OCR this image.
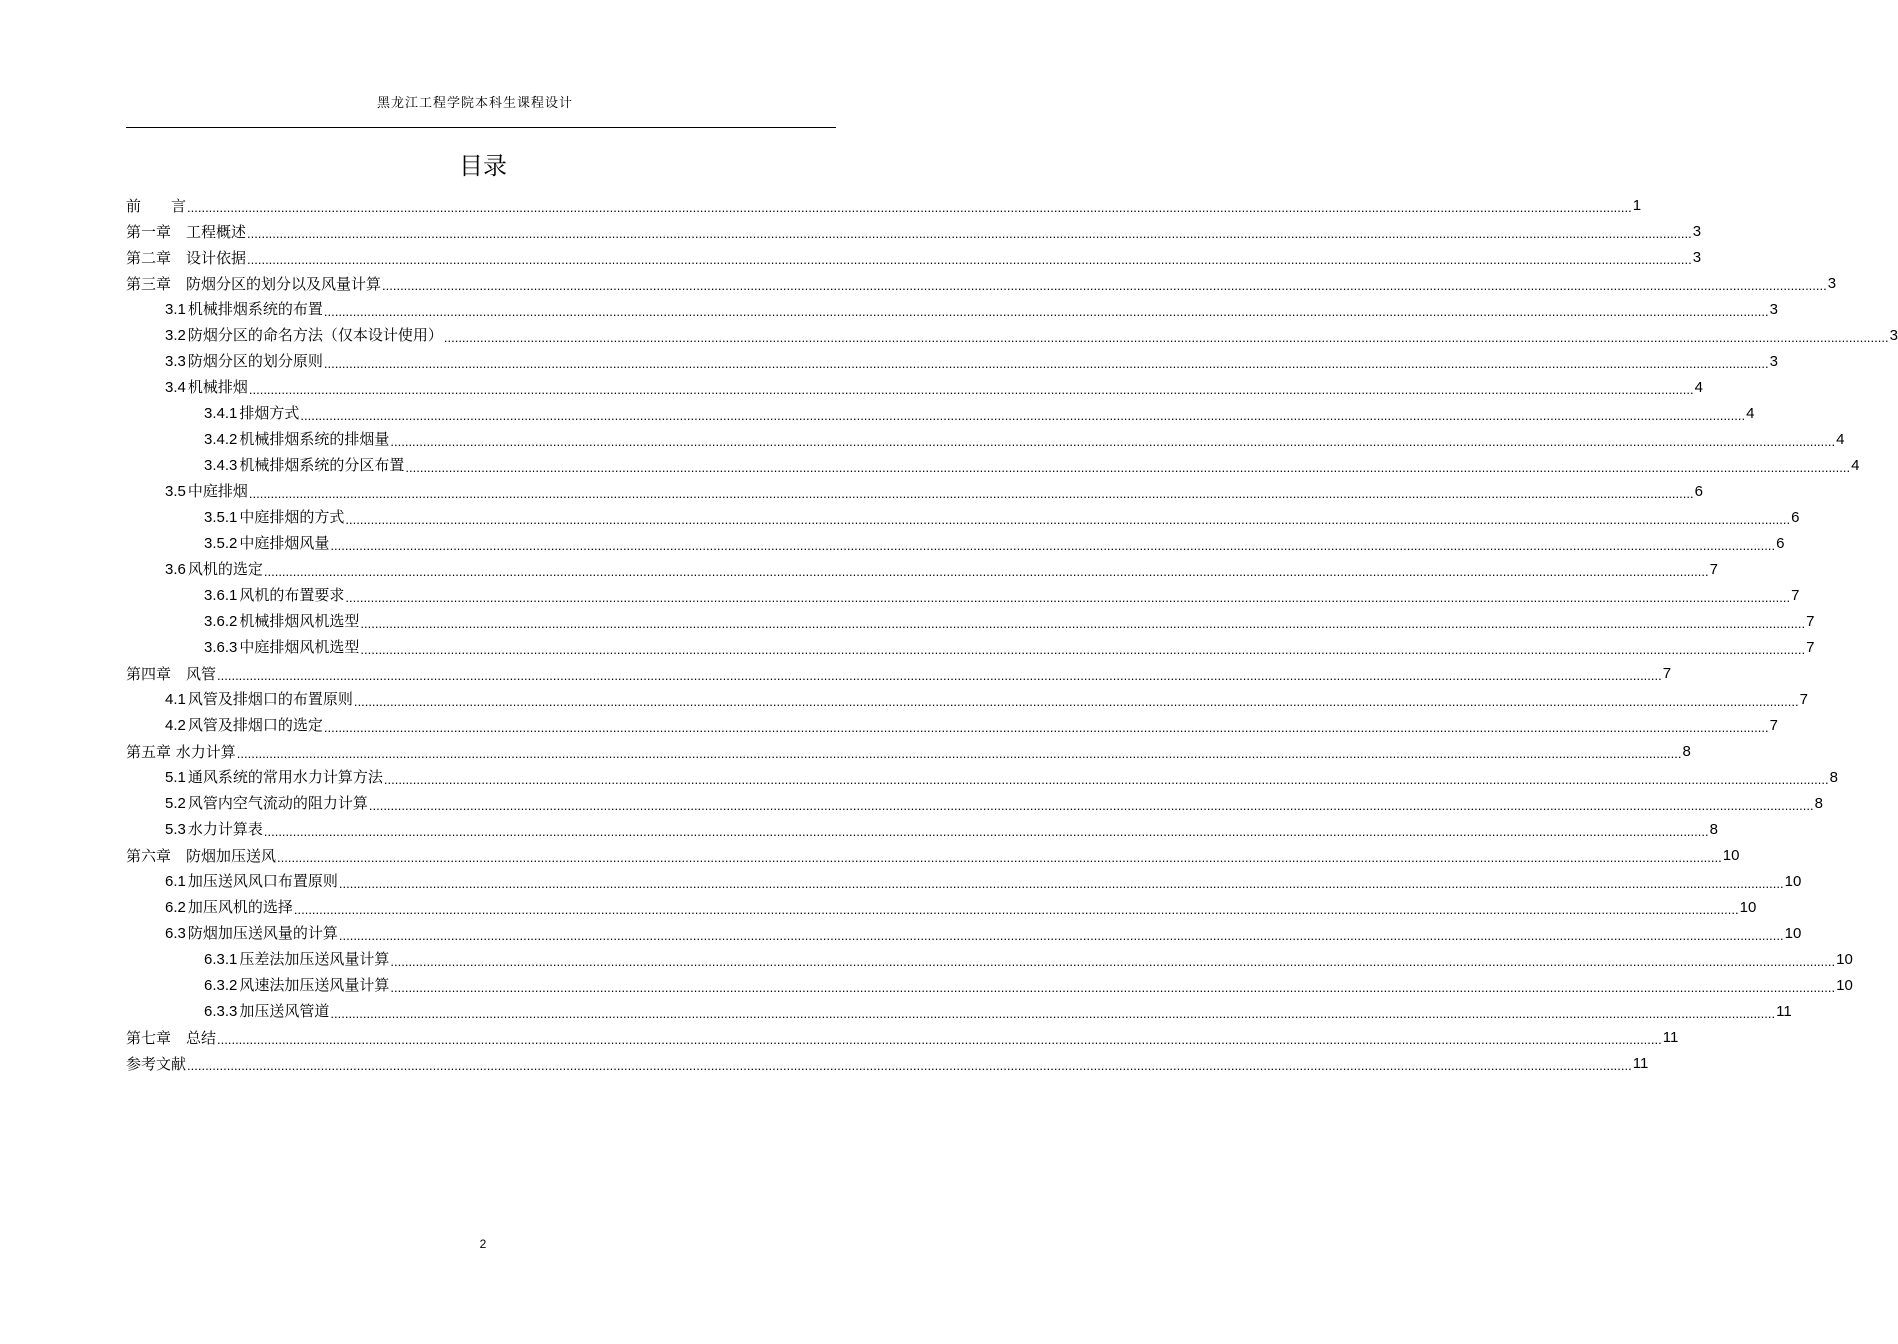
黑龙江工程学院本科生课程设计
目录
前　　言 ................................................................................................................................................................................................................................................................................................................................................................................................................ 1
第一章　工程概述 ................................................................................................................................................................................................................................................................................................................................................................................................................ 3
第二章　设计依据 ................................................................................................................................................................................................................................................................................................................................................................................................................ 3
第三章　防烟分区的划分以及风量计算 ................................................................................................................................................................................................................................................................................................................................................................................................................ 3
3.1 机械排烟系统的布置 ................................................................................................................................................................................................................................................................................................................................................................................................................ 3
3.2 防烟分区的命名方法（仅本设计使用） ................................................................................................................................................................................................................................................................................................................................................................................................................ 3
3.3 防烟分区的划分原则 ................................................................................................................................................................................................................................................................................................................................................................................................................ 3
3.4 机械排烟 ................................................................................................................................................................................................................................................................................................................................................................................................................ 4
3.4.1 排烟方式 ................................................................................................................................................................................................................................................................................................................................................................................................................ 4
3.4.2 机械排烟系统的排烟量 ................................................................................................................................................................................................................................................................................................................................................................................................................ 4
3.4.3 机械排烟系统的分区布置 ................................................................................................................................................................................................................................................................................................................................................................................................................ 4
3.5 中庭排烟 ................................................................................................................................................................................................................................................................................................................................................................................................................ 6
3.5.1 中庭排烟的方式 ................................................................................................................................................................................................................................................................................................................................................................................................................ 6
3.5.2 中庭排烟风量 ................................................................................................................................................................................................................................................................................................................................................................................................................ 6
3.6 风机的选定 ................................................................................................................................................................................................................................................................................................................................................................................................................ 7
3.6.1 风机的布置要求 ................................................................................................................................................................................................................................................................................................................................................................................................................ 7
3.6.2 机械排烟风机选型 ................................................................................................................................................................................................................................................................................................................................................................................................................ 7
3.6.3 中庭排烟风机选型 ................................................................................................................................................................................................................................................................................................................................................................................................................ 7
第四章　风管 ................................................................................................................................................................................................................................................................................................................................................................................................................ 7
4.1 风管及排烟口的布置原则 ................................................................................................................................................................................................................................................................................................................................................................................................................ 7
4.2 风管及排烟口的选定 ................................................................................................................................................................................................................................................................................................................................................................................................................ 7
第五章 水力计算 ................................................................................................................................................................................................................................................................................................................................................................................................................ 8
5.1 通风系统的常用水力计算方法 ................................................................................................................................................................................................................................................................................................................................................................................................................ 8
5.2 风管内空气流动的阻力计算 ................................................................................................................................................................................................................................................................................................................................................................................................................ 8
5.3 水力计算表 ................................................................................................................................................................................................................................................................................................................................................................................................................ 8
第六章　防烟加压送风 ................................................................................................................................................................................................................................................................................................................................................................................................................ 10
6.1 加压送风风口布置原则 ................................................................................................................................................................................................................................................................................................................................................................................................................ 10
6.2 加压风机的选择 ................................................................................................................................................................................................................................................................................................................................................................................................................ 10
6.3 防烟加压送风量的计算 ................................................................................................................................................................................................................................................................................................................................................................................................................ 10
6.3.1 压差法加压送风量计算 ................................................................................................................................................................................................................................................................................................................................................................................................................ 10
6.3.2 风速法加压送风量计算 ................................................................................................................................................................................................................................................................................................................................................................................................................ 10
6.3.3 加压送风管道 ................................................................................................................................................................................................................................................................................................................................................................................................................ 11
第七章　总结 ................................................................................................................................................................................................................................................................................................................................................................................................................ 11
参考文献 ................................................................................................................................................................................................................................................................................................................................................................................................................ 11
2
